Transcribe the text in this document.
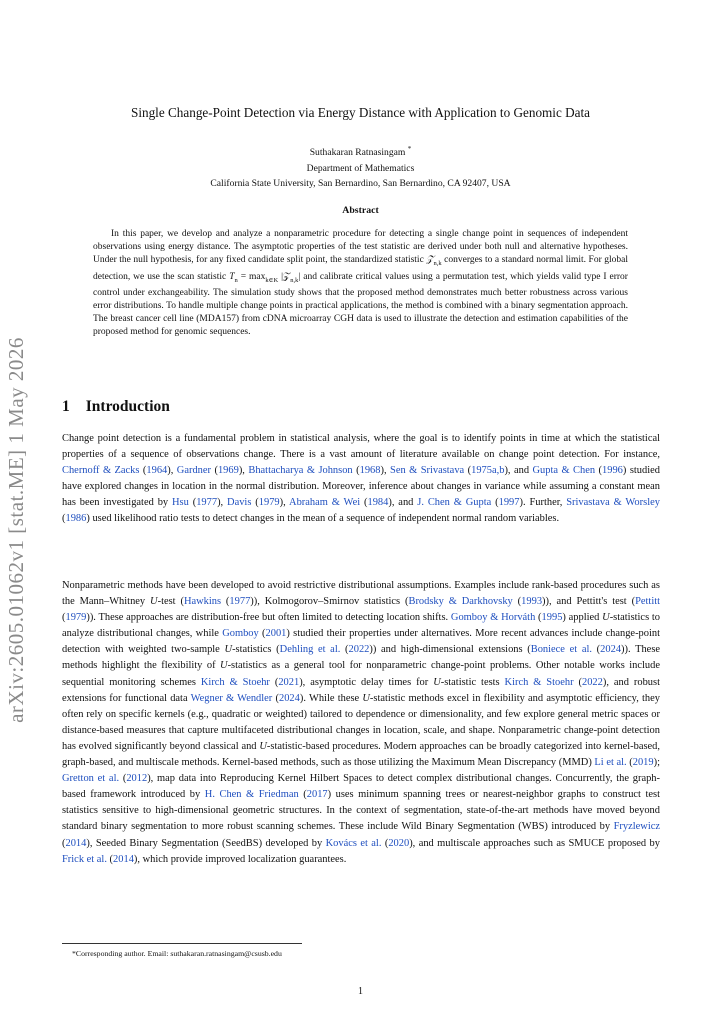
arXiv:2605.01062v1 [stat.ME] 1 May 2026
Single Change-Point Detection via Energy Distance with Application to Genomic Data
Suthakaran Ratnasingam *
Department of Mathematics
California State University, San Bernardino, San Bernardino, CA 92407, USA
Abstract
In this paper, we develop and analyze a nonparametric procedure for detecting a single change point in sequences of independent observations using energy distance. The asymptotic properties of the test statistic are derived under both null and alternative hypotheses. Under the null hypothesis, for any fixed candidate split point, the standardized statistic 𝒵$_{n,k}$ converges to a standard normal limit. For global detection, we use the scan statistic $T_n = \max_{k\in K}$ |𝒵$_{n,k}$| and calibrate critical values using a permutation test, which yields valid type I error control under exchangeability. The simulation study shows that the proposed method demonstrates much better robustness across various error distributions. To handle multiple change points in practical applications, the method is combined with a binary segmentation approach. The breast cancer cell line (MDA157) from cDNA microarray CGH data is used to illustrate the detection and estimation capabilities of the proposed method for genomic sequences.
1 Introduction
Change point detection is a fundamental problem in statistical analysis, where the goal is to identify points in time at which the statistical properties of a sequence of observations change. There is a vast amount of literature available on change point detection. For instance, Chernoff & Zacks (1964), Gardner (1969), Bhattacharya & Johnson (1968), Sen & Srivastava (1975a,b), and Gupta & Chen (1996) studied have explored changes in location in the normal distribution. Moreover, inference about changes in variance while assuming a constant mean has been investigated by Hsu (1977), Davis (1979), Abraham & Wei (1984), and J. Chen & Gupta (1997). Further, Srivastava & Worsley (1986) used likelihood ratio tests to detect changes in the mean of a sequence of independent normal random variables.
Nonparametric methods have been developed to avoid restrictive distributional assumptions. Examples include rank-based procedures such as the Mann–Whitney U-test (Hawkins (1977)), Kolmogorov–Smirnov statistics (Brodsky & Darkhovsky (1993)), and Pettitt's test (Pettitt (1979)). These approaches are distribution-free but often limited to detecting location shifts. Gomboy & Horváth (1995) applied U-statistics to analyze distributional changes, while Gomboy (2001) studied their properties under alternatives. More recent advances include change-point detection with weighted two-sample U-statistics (Dehling et al. (2022)) and high-dimensional extensions (Boniece et al. (2024)). These methods highlight the flexibility of U-statistics as a general tool for nonparametric change-point problems. Other notable works include sequential monitoring schemes Kirch & Stoehr (2021), asymptotic delay times for U-statistic tests Kirch & Stoehr (2022), and robust extensions for functional data Wegner & Wendler (2024). While these U-statistic methods excel in flexibility and asymptotic efficiency, they often rely on specific kernels (e.g., quadratic or weighted) tailored to dependence or dimensionality, and few explore general metric spaces or distance-based measures that capture multifaceted distributional changes in location, scale, and shape. Nonparametric change-point detection has evolved significantly beyond classical and U-statistic-based procedures. Modern approaches can be broadly categorized into kernel-based, graph-based, and multiscale methods. Kernel-based methods, such as those utilizing the Maximum Mean Discrepancy (MMD) Li et al. (2019); Gretton et al. (2012), map data into Reproducing Kernel Hilbert Spaces to detect complex distributional changes. Concurrently, the graph-based framework introduced by H. Chen & Friedman (2017) uses minimum spanning trees or nearest-neighbor graphs to construct test statistics sensitive to high-dimensional geometric structures. In the context of segmentation, state-of-the-art methods have moved beyond standard binary segmentation to more robust scanning schemes. These include Wild Binary Segmentation (WBS) introduced by Fryzlewicz (2014), Seeded Binary Segmentation (SeedBS) developed by Kovács et al. (2020), and multiscale approaches such as SMUCE proposed by Frick et al. (2014), which provide improved localization guarantees.
*Corresponding author. Email: suthakaran.ratnasingam@csusb.edu
1
